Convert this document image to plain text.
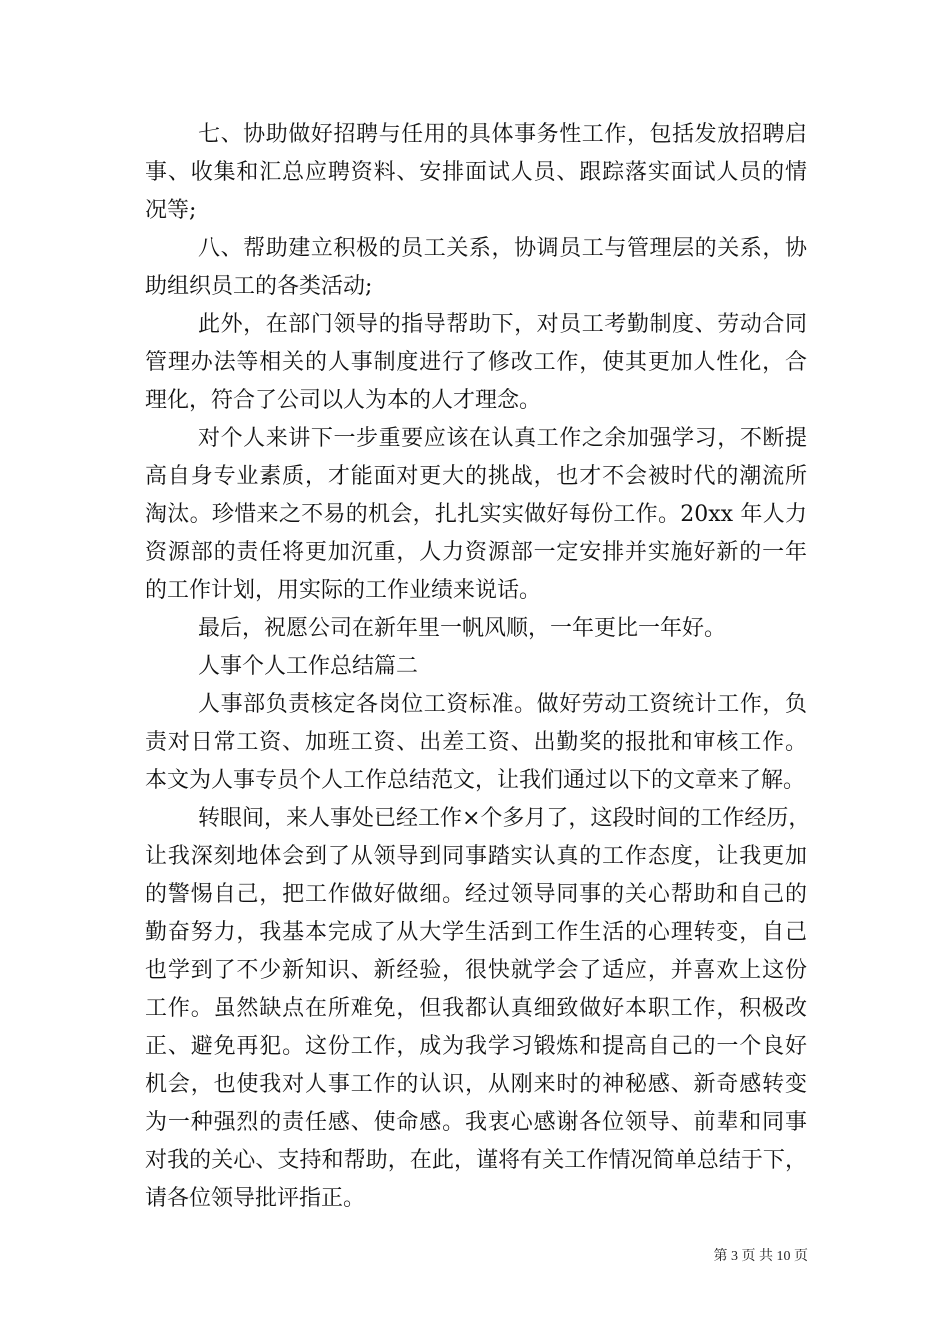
七、协助做好招聘与任用的具体事务性工作，包括发放招聘启
事、收集和汇总应聘资料、安排面试人员、跟踪落实面试人员的情
况等;
八、帮助建立积极的员工关系，协调员工与管理层的关系，协
助组织员工的各类活动;
此外，在部门领导的指导帮助下，对员工考勤制度、劳动合同
管理办法等相关的人事制度进行了修改工作，使其更加人性化，合
理化，符合了公司以人为本的人才理念。
对个人来讲下一步重要应该在认真工作之余加强学习，不断提
高自身专业素质，才能面对更大的挑战，也才不会被时代的潮流所
淘汰。珍惜来之不易的机会，扎扎实实做好每份工作。20xx 年人力
资源部的责任将更加沉重，人力资源部一定安排并实施好新的一年
的工作计划，用实际的工作业绩来说话。
最后，祝愿公司在新年里一帆风顺，一年更比一年好。
人事个人工作总结篇二
人事部负责核定各岗位工资标准。做好劳动工资统计工作，负
责对日常工资、加班工资、出差工资、出勤奖的报批和审核工作。
本文为人事专员个人工作总结范文，让我们通过以下的文章来了解。
转眼间，来人事处已经工作×个多月了，这段时间的工作经历，
让我深刻地体会到了从领导到同事踏实认真的工作态度，让我更加
的警惕自己，把工作做好做细。经过领导同事的关心帮助和自己的
勤奋努力，我基本完成了从大学生活到工作生活的心理转变，自己
也学到了不少新知识、新经验，很快就学会了适应，并喜欢上这份
工作。虽然缺点在所难免，但我都认真细致做好本职工作，积极改
正、避免再犯。这份工作，成为我学习锻炼和提高自己的一个良好
机会，也使我对人事工作的认识，从刚来时的神秘感、新奇感转变
为一种强烈的责任感、使命感。我衷心感谢各位领导、前辈和同事
对我的关心、支持和帮助，在此，谨将有关工作情况简单总结于下，
请各位领导批评指正。
第 3 页 共 10 页
